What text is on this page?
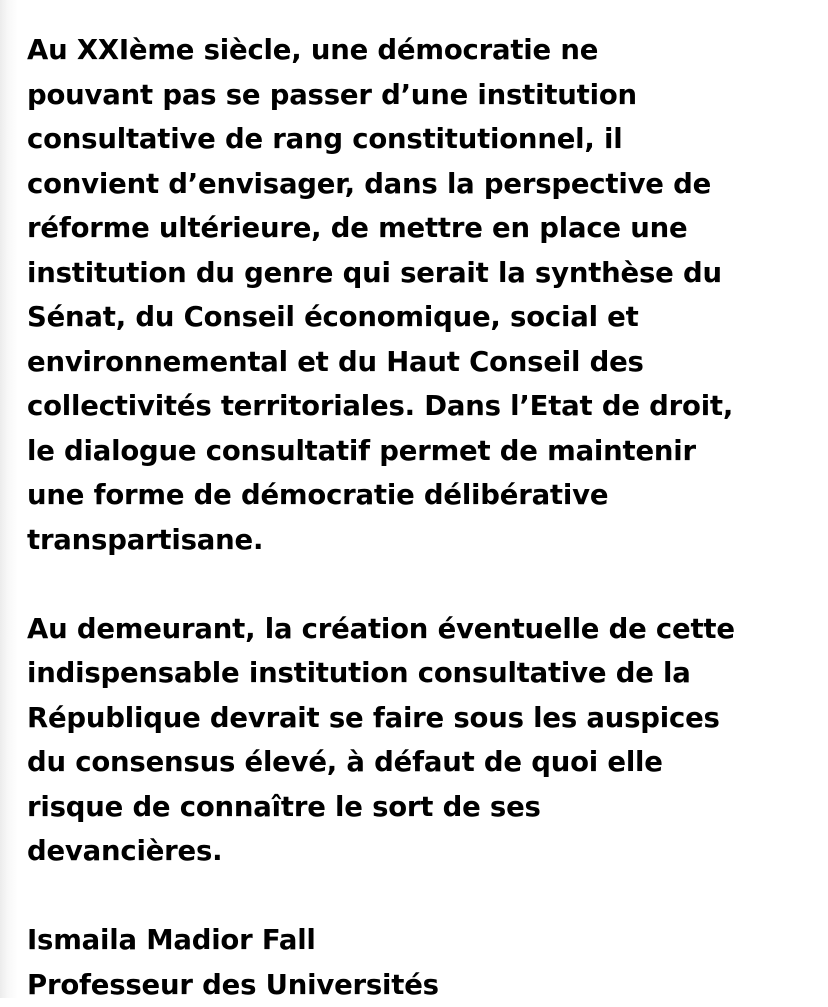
Au XXIème siècle, une démocratie ne
pouvant pas se passer d’une institution
consultative de rang constitutionnel, il
convient d’envisager, dans la perspective de
réforme ultérieure, de mettre en place une
institution du genre qui serait la synthèse du
Sénat, du Conseil économique, social et
environnemental et du Haut Conseil des
collectivités territoriales. Dans l’Etat de droit,
le dialogue consultatif permet de maintenir
une forme de démocratie délibérative
transpartisane.
Au demeurant, la création éventuelle de cette
indispensable institution consultative de la
République devrait se faire sous les auspices
du consensus élevé, à défaut de quoi elle
risque de connaître le sort de ses
devancières.
Ismaila Madior Fall
Professeur des Universités
